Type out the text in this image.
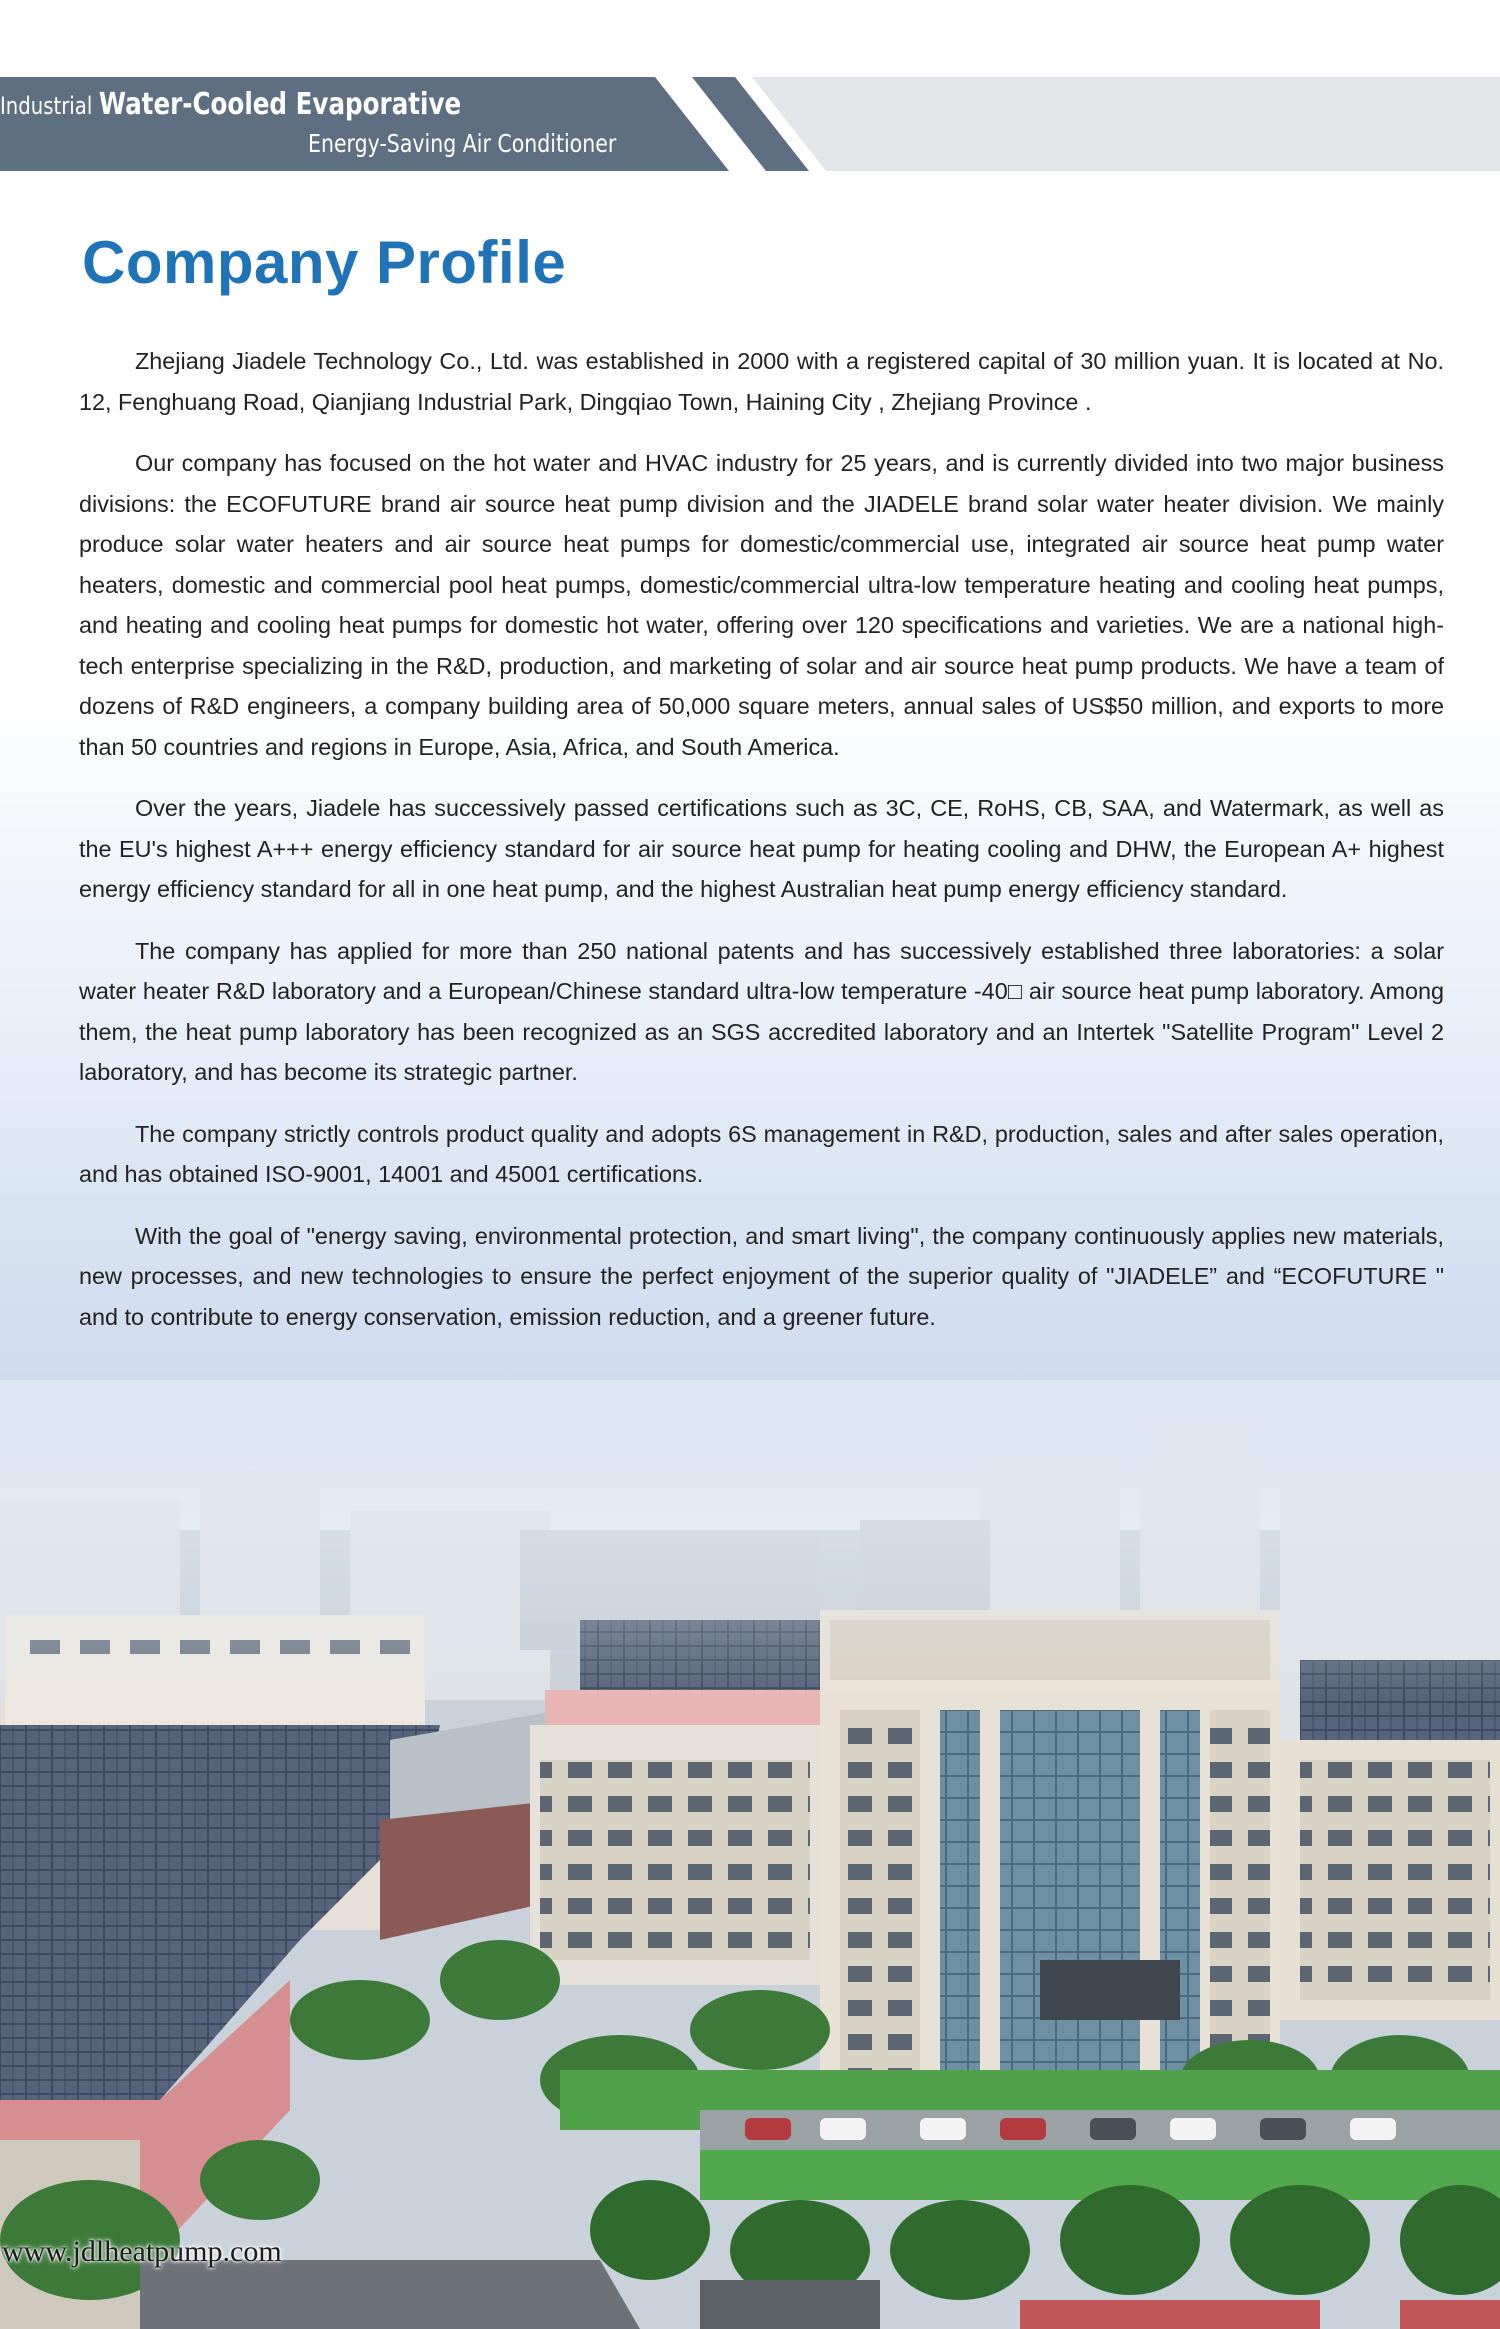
Industrial Water-Cooled Evaporative
Energy-Saving Air Conditioner
Company Profile

Zhejiang Jiadele Technology Co., Ltd. was established in 2000 with a registered capital of 30 million yuan. It is located at No. 12, Fenghuang Road, Qianjiang Industrial Park, Dingqiao Town, Haining City , Zhejiang Province .

Our company has focused on the hot water and HVAC industry for 25 years, and is currently divided into two major business divisions: the ECOFUTURE brand air source heat pump division and the JIADELE brand solar water heater division. We mainly produce solar water heaters and air source heat pumps for domestic/commercial use, integrated air source heat pump water heaters, domestic and commercial pool heat pumps, domestic/commercial ultra-low temperature heating and cooling heat pumps, and heating and cooling heat pumps for domestic hot water, offering over 120 specifications and varieties. We are a national high-tech enterprise specializing in the R&D, production, and marketing of solar and air source heat pump products. We have a team of dozens of R&D engineers, a company building area of 50,000 square meters, annual sales of US$50 million, and exports to more than 50 countries and regions in Europe, Asia, Africa, and South America.

Over the years, Jiadele has successively passed certifications such as 3C, CE, RoHS, CB, SAA, and Watermark, as well as the EU's highest A+++ energy efficiency standard for air source heat pump for heating cooling and DHW, the European A+ highest energy efficiency standard for all in one heat pump, and the highest Australian heat pump energy efficiency standard.

The company has applied for more than 250 national patents and has successively established three laboratories: a solar water heater R&D laboratory and a European/Chinese standard ultra-low temperature -40□ air source heat pump laboratory. Among them, the heat pump laboratory has been recognized as an SGS accredited laboratory and an Intertek "Satellite Program" Level 2 laboratory, and has become its strategic partner.

The company strictly controls product quality and adopts 6S management in R&D, production, sales and after sales operation, and has obtained ISO-9001, 14001 and 45001 certifications.

With the goal of "energy saving, environmental protection, and smart living", the company continuously applies new materials, new processes, and new technologies to ensure the perfect enjoyment of the superior quality of "JIADELE” and “ECOFUTURE " and to contribute to energy conservation, emission reduction, and a greener future.

www.jdlheatpump.com
